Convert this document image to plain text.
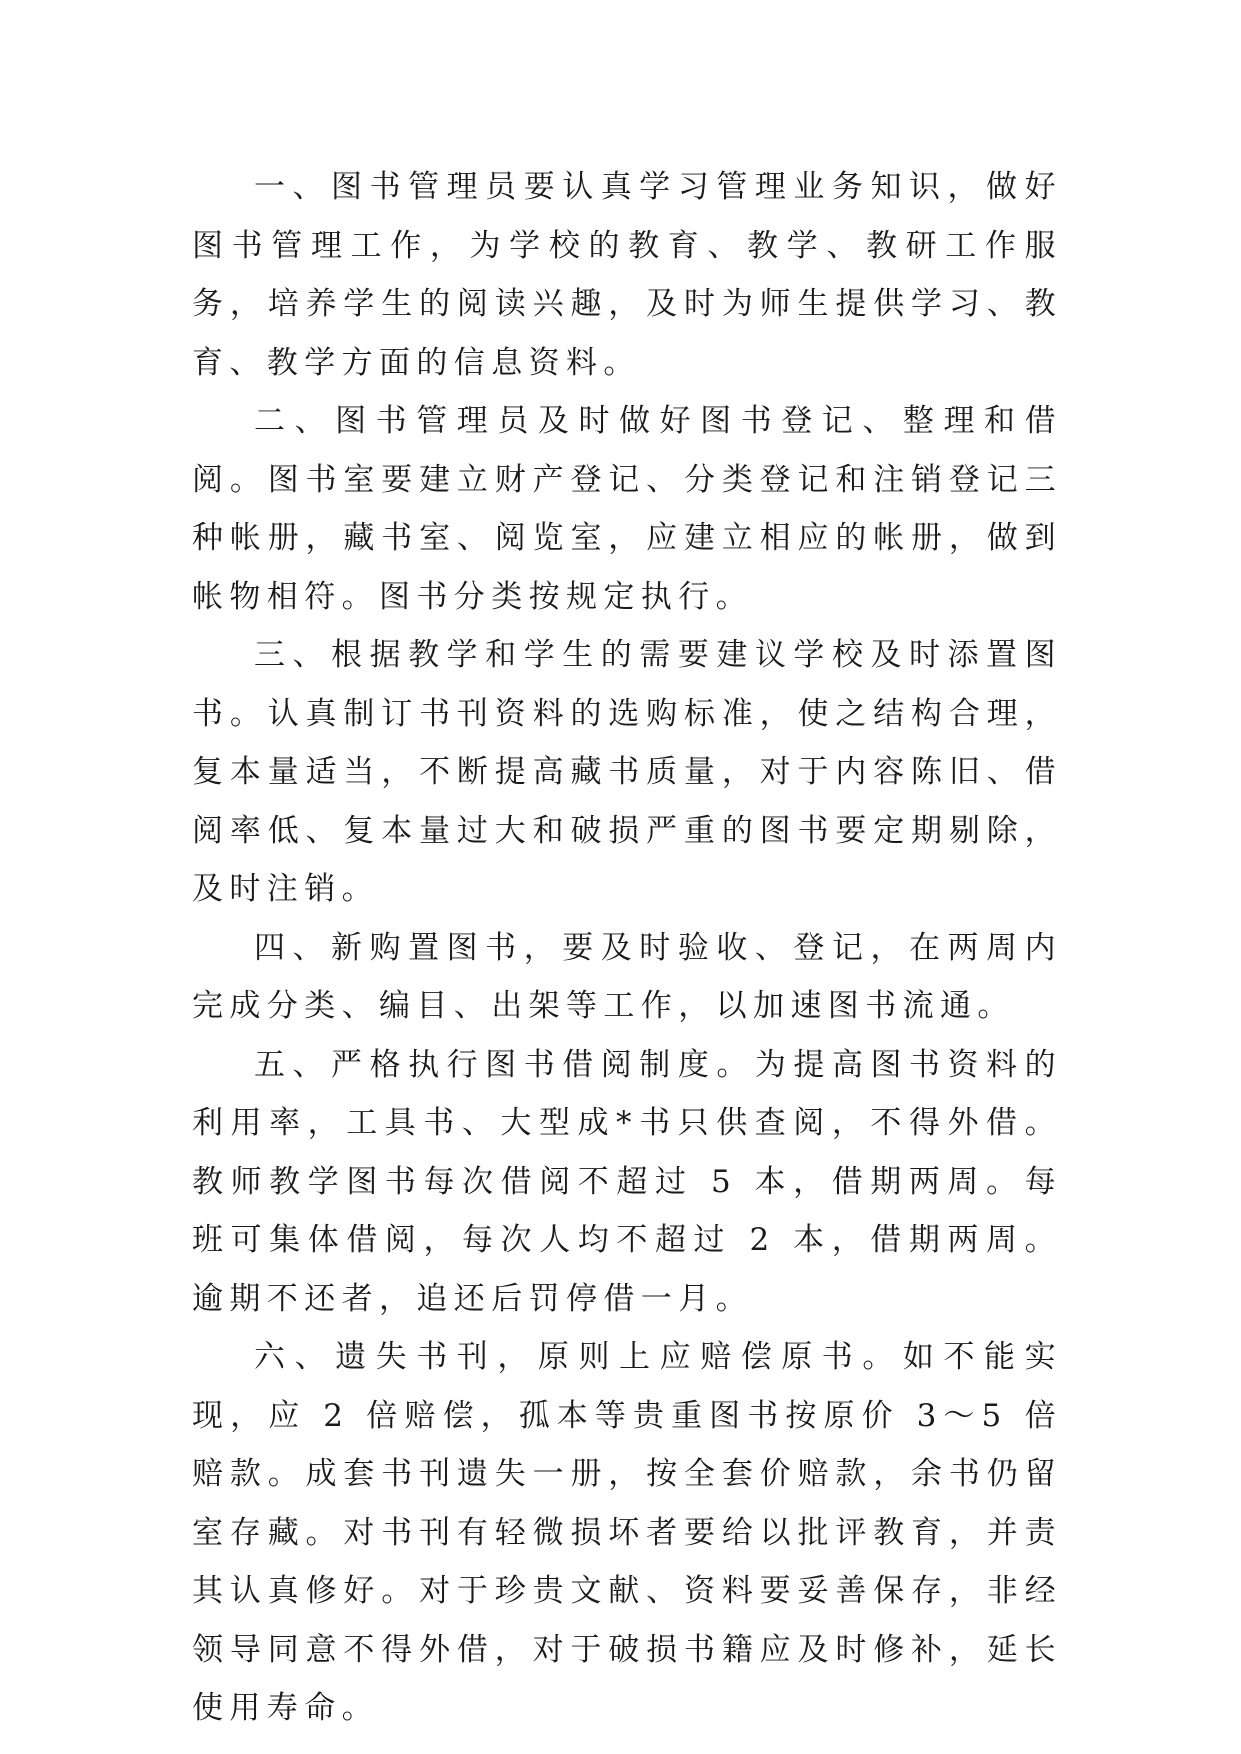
一、图书管理员要认真学习管理业务知识，做好图书管理工作，为学校的教育、教学、教研工作服务，培养学生的阅读兴趣，及时为师生提供学习、教育、教学方面的信息资料。

二、图书管理员及时做好图书登记、整理和借阅。图书室要建立财产登记、分类登记和注销登记三种帐册，藏书室、阅览室，应建立相应的帐册，做到帐物相符。图书分类按规定执行。

三、根据教学和学生的需要建议学校及时添置图书。认真制订书刊资料的选购标准，使之结构合理，复本量适当，不断提高藏书质量，对于内容陈旧、借阅率低、复本量过大和破损严重的图书要定期剔除，及时注销。

四、新购置图书，要及时验收、登记，在两周内完成分类、编目、出架等工作，以加速图书流通。

五、严格执行图书借阅制度。为提高图书资料的利用率，工具书、大型成*书只供查阅，不得外借。教师教学图书每次借阅不超过 5 本，借期两周。每班可集体借阅，每次人均不超过 2 本，借期两周。逾期不还者，追还后罚停借一月。

六、遗失书刊，原则上应赔偿原书。如不能实现，应 2 倍赔偿，孤本等贵重图书按原价 3～5 倍赔款。成套书刊遗失一册，按全套价赔款，余书仍留室存藏。对书刊有轻微损坏者要给以批评教育，并责其认真修好。对于珍贵文献、资料要妥善保存，非经领导同意不得外借，对于破损书籍应及时修补，延长使用寿命。
